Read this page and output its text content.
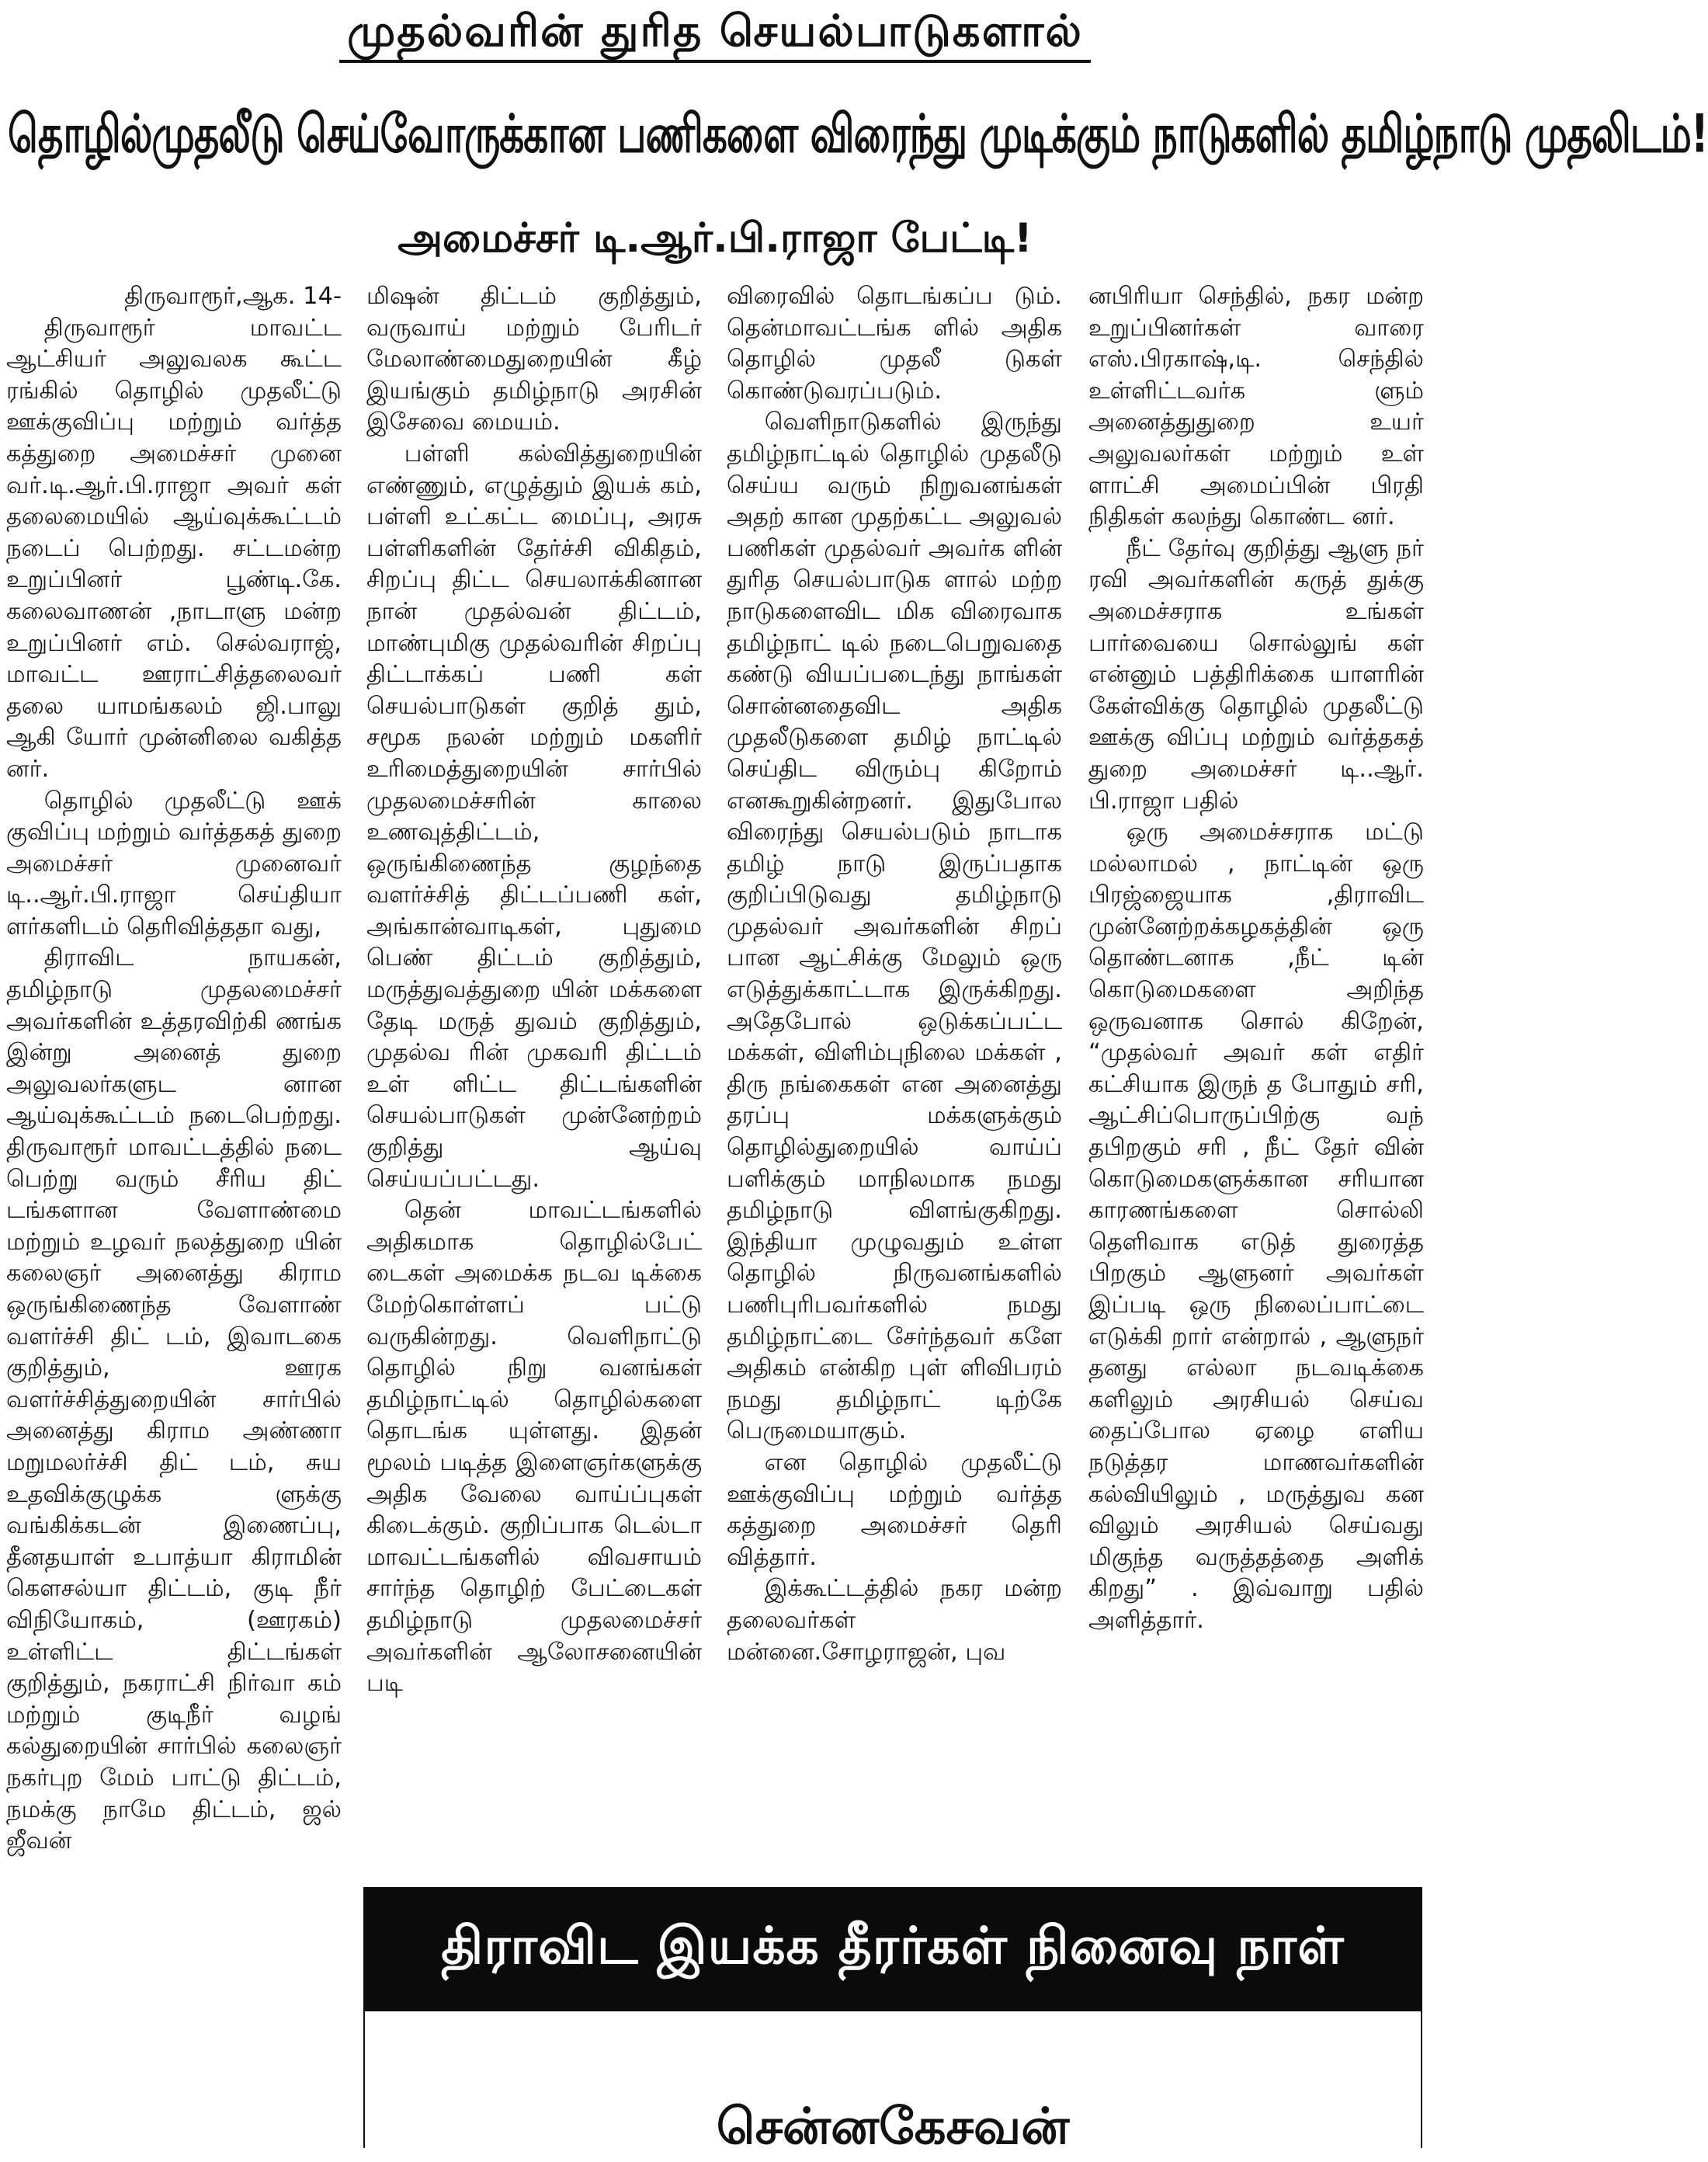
முதல்வரின் துரித செயல்பாடுகளால்
தொழில்முதலீடு செய்வோருக்கான பணிகளை விரைந்து முடிக்கும் நாடுகளில் தமிழ்நாடு முதலிடம்!
அமைச்சர் டி.ஆர்.பி.ராஜா பேட்டி!

திருவாரூர்,ஆக. 14-

திருவாரூர் மாவட்ட ஆட்சியர் அலுவலக கூட்ட ரங்கில் தொழில் முதலீட்டு ஊக்குவிப்பு மற்றும் வர்த்த கத்துறை அமைச்சர் முனை வர்.டி.ஆர்.பி.ராஜா அவர் கள் தலைமையில் ஆய்வுக்கூட்டம் நடைப் பெற்றது. சட்டமன்ற உறுப்பினர் பூண்டி.கே. கலைவாணன் ,நாடாளு மன்ற உறுப்பினர் எம். செல்வராஜ், மாவட்ட ஊராட்சித்தலைவர் தலை யாமங்கலம் ஜி.பாலு ஆகி யோர் முன்னிலை வகித்த னர்.

தொழில் முதலீட்டு ஊக் குவிப்பு மற்றும் வர்த்தகத் துறை அமைச்சர் முனைவர் டி..ஆர்.பி.ராஜா செய்தியா ளர்களிடம் தெரிவித்ததா வது,

திராவிட நாயகன், தமிழ்நாடு முதலமைச்சர் அவர்களின் உத்தரவிற்கி ணங்க இன்று அனைத் துறை அலுவலர்களுட னான ஆய்வுக்கூட்டம் நடைபெற்றது. திருவாரூர் மாவட்டத்தில் நடை பெற்று வரும் சீரிய திட் டங்களான வேளாண்மை மற்றும் உழவர் நலத்துறை யின் கலைஞர் அனைத்து கிராம ஒருங்கிணைந்த வேளாண் வளர்ச்சி திட் டம், இவாடகை குறித்தும், ஊரக வளர்ச்சித்துறையின் சார்பில் அனைத்து கிராம அண்ணா மறுமலர்ச்சி திட் டம், சுய உதவிக்குழுக்க ளுக்கு வங்கிக்கடன் இணைப்பு, தீனதயாள் உபாத்யா கிராமின் கௌசல்யா திட்டம், குடி நீர் விநியோகம், (ஊரகம்) உள்ளிட்ட திட்டங்கள் குறித்தும், நகராட்சி நிர்வா கம் மற்றும் குடிநீர் வழங் கல்துறையின் சார்பில் கலைஞர் நகர்புற மேம் பாட்டு திட்டம், நமக்கு நாமே திட்டம், ஜல் ஜீவன்

மிஷன் திட்டம் குறித்தும், வருவாய் மற்றும் பேரிடர் மேலாண்மைதுறையின் கீழ் இயங்கும் தமிழ்நாடு அரசின் இசேவை மையம்.

பள்ளி கல்வித்துறையின் எண்ணும், எழுத்தும் இயக் கம், பள்ளி உட்கட்ட மைப்பு, அரசு பள்ளிகளின் தேர்ச்சி விகிதம், சிறப்பு திட்ட செயலாக்கினான நான் முதல்வன் திட்டம், மாண்புமிகு முதல்வரின் சிறப்பு திட்டாக்கப் பணி கள் செயல்பாடுகள் குறித் தும், சமூக நலன் மற்றும் மகளிர் உரிமைத்துறையின் சார்பில் முதலமைச்சரின் காலை உணவுத்திட்டம், ஒருங்கிணைந்த குழந்தை வளர்ச்சித் திட்டப்பணி கள், அங்கான்வாடிகள், புதுமை பெண் திட்டம் குறித்தும், மருத்துவத்துறை யின் மக்களை தேடி மருத் துவம் குறித்தும், முதல்வ ரின் முகவரி திட்டம் உள் ளிட்ட திட்டங்களின் செயல்பாடுகள் முன்னேற்றம் குறித்து ஆய்வு செய்யப்பட்டது.

தென் மாவட்டங்களில் அதிகமாக தொழில்பேட் டைகள் அமைக்க நடவ டிக்கை மேற்கொள்ளப் பட்டு வருகின்றது. வெளிநாட்டு தொழில் நிறு வனங்கள் தமிழ்நாட்டில் தொழில்களை தொடங்க யுள்ளது. இதன் மூலம் படித்த இளைஞர்களுக்கு அதிக வேலை வாய்ப்புகள் கிடைக்கும். குறிப்பாக டெல்டா மாவட்டங்களில் விவசாயம் சார்ந்த தொழிற் பேட்டைகள் தமிழ்நாடு முதலமைச்சர் அவர்களின் ஆலோசனையின் படி

விரைவில் தொடங்கப்ப டும். தென்மாவட்டங்க ளில் அதிக தொழில் முதலீ டுகள் கொண்டுவரப்படும்.

வெளிநாடுகளில் இருந்து தமிழ்நாட்டில் தொழில் முதலீடு செய்ய வரும் நிறுவனங்கள் அதற் கான முதற்கட்ட அலுவல் பணிகள் முதல்வர் அவர்க ளின் துரித செயல்பாடுக ளால் மற்ற நாடுகளைவிட மிக விரைவாக தமிழ்நாட் டில் நடைபெறுவதை கண்டு வியப்படைந்து நாங்கள் சொன்னதைவிட அதிக முதலீடுகளை தமிழ் நாட்டில் செய்திட விரும்பு கிறோம் எனகூறுகின்றனர். இதுபோல விரைந்து செயல்படும் நாடாக தமிழ் நாடு இருப்பதாக குறிப்பிடுவது தமிழ்நாடு முதல்வர் அவர்களின் சிறப் பான ஆட்சிக்கு மேலும் ஒரு எடுத்துக்காட்டாக இருக்கிறது. அதேபோல் ஒடுக்கப்பட்ட மக்கள், விளிம்புநிலை மக்கள் , திரு நங்கைகள் என அனைத்து தரப்பு மக்களுக்கும் தொழில்துறையில் வாய்ப் பளிக்கும் மாநிலமாக நமது தமிழ்நாடு விளங்குகிறது. இந்தியா முழுவதும் உள்ள தொழில் நிருவனங்களில் பணிபுரிபவர்களில் நமது தமிழ்நாட்டை சேர்ந்தவர் களே அதிகம் என்கிற புள் ளிவிபரம் நமது தமிழ்நாட் டிற்கே பெருமையாகும்.

என தொழில் முதலீட்டு ஊக்குவிப்பு மற்றும் வர்த்த கத்துறை அமைச்சர் தெரி வித்தார்.

இக்கூட்டத்தில் நகர மன்ற தலைவர்கள் மன்னை.சோழராஜன், புவ

னபிரியா செந்தில், நகர மன்ற உறுப்பினர்கள் வாரை எஸ்.பிரகாஷ்,டி. செந்தில் உள்ளிட்டவர்க ளும் அனைத்துதுறை உயர் அலுவலர்கள் மற்றும் உள் ளாட்சி அமைப்பின் பிரதி நிதிகள் கலந்து கொண்ட னர்.

நீட் தேர்வு குறித்து ஆளு நர் ரவி அவர்களின் கருத் துக்கு அமைச்சராக உங்கள் பார்வையை சொல்லுங் கள் என்னும் பத்திரிக்கை யாளரின் கேள்விக்கு தொழில் முதலீட்டு ஊக்கு விப்பு மற்றும் வர்த்தகத் துறை அமைச்சர் டி..ஆர். பி.ராஜா பதில்

ஒரு அமைச்சராக மட்டு மல்லாமல் , நாட்டின் ஒரு பிரஜ்ஜையாக ,திராவிட முன்னேற்றக்கழகத்தின் ஒரு தொண்டனாக ,நீட் டின் கொடுமைகளை அறிந்த ஒருவனாக சொல் கிறேன், “முதல்வர் அவர் கள் எதிர் கட்சியாக இருந் த போதும் சரி, ஆட்சிப்பொருப்பிற்கு வந் தபிறகும் சரி , நீட் தேர் வின் கொடுமைகளுக்கான சரியான காரணங்களை சொல்லி தெளிவாக எடுத் துரைத்த பிறகும் ஆளுனர் அவர்கள் இப்படி ஒரு நிலைப்பாட்டை எடுக்கி றார் என்றால் , ஆளுநர் தனது எல்லா நடவடிக்கை களிலும் அரசியல் செய்வ தைப்போல ஏழை எளிய நடுத்தர மாணவர்களின் கல்வியிலும் , மருத்துவ கன விலும் அரசியல் செய்வது மிகுந்த வருத்தத்தை அளிக் கிறது” . இவ்வாறு பதில் அளித்தார்.

திராவிட இயக்க தீரர்கள் நினைவு நாள்
சென்னகேசவன்
